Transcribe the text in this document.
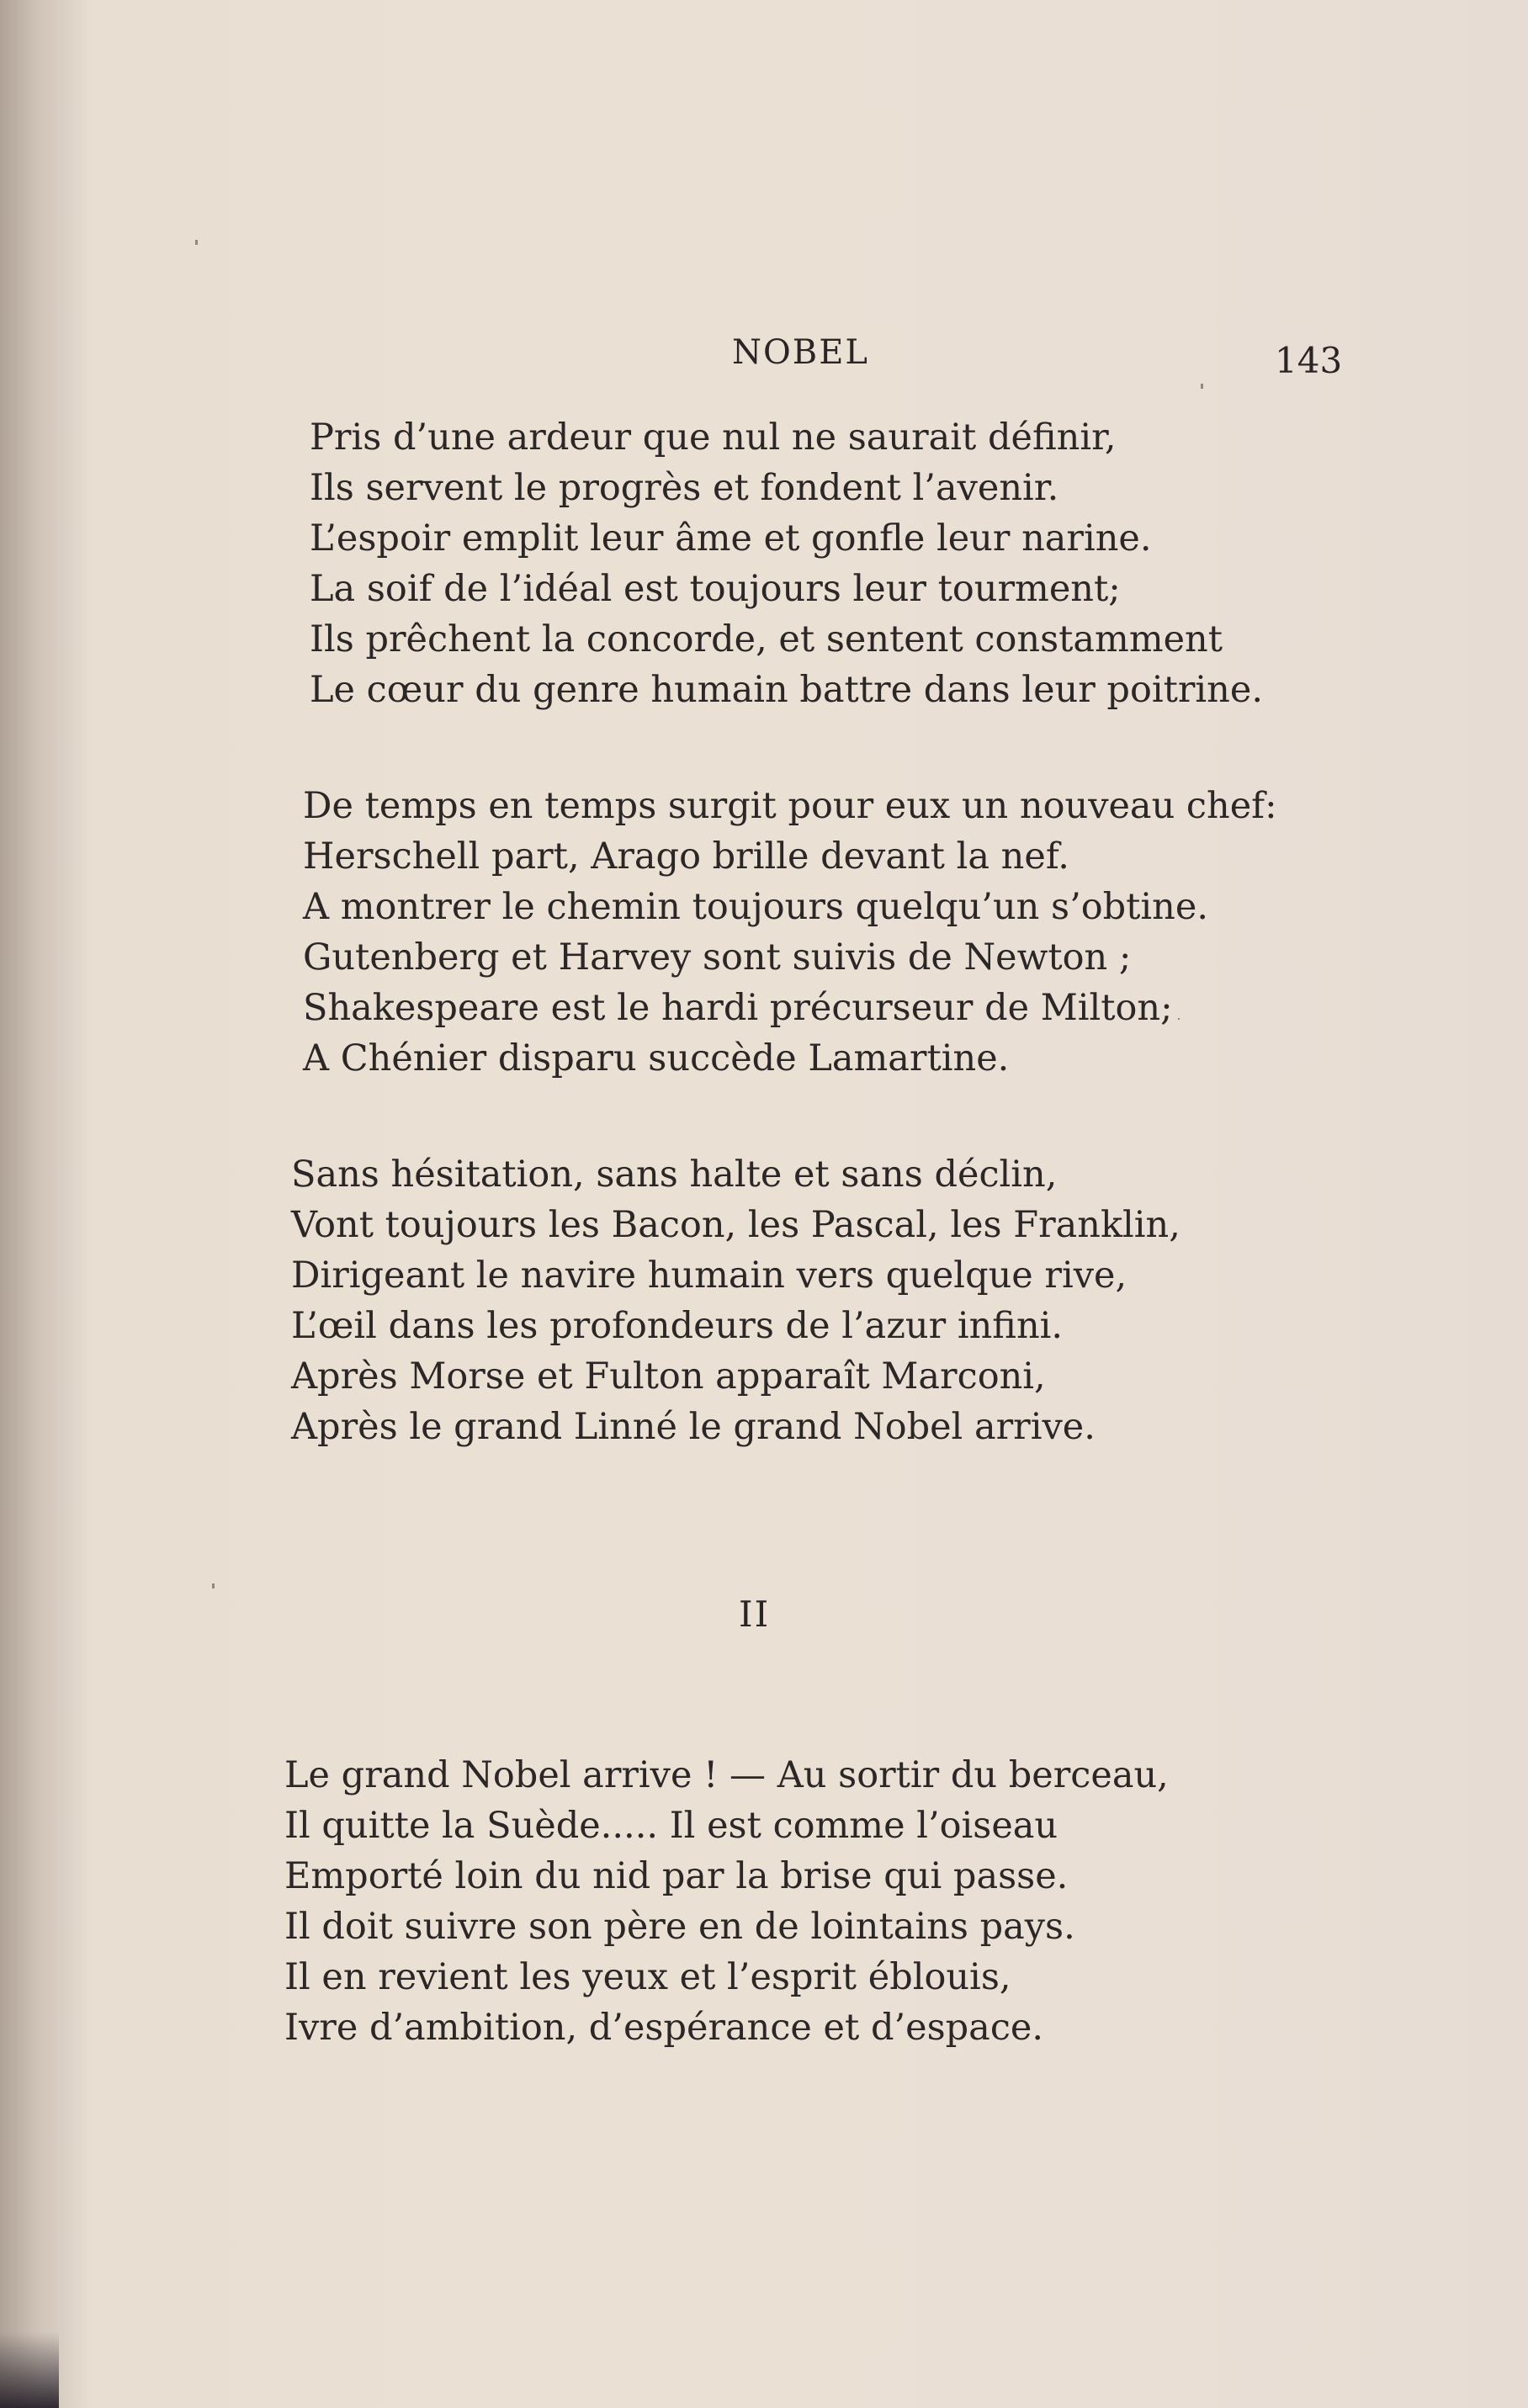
NOBEL	143
Pris d’une ardeur que nul ne saurait définir,
Ils servent le progrès et fondent l’avenir.
L’espoir emplit leur âme et gonfle leur narine.
La soif de l’idéal est toujours leur tourment;
Ils prêchent la concorde, et sentent constamment
Le cœur du genre humain battre dans leur poitrine.
De temps en temps surgit pour eux un nouveau chef:
Herschell part, Arago brille devant la nef.
A montrer le chemin toujours quelqu’un s’obtine.
Gutenberg et Harvey sont suivis de Newton ;
Shakespeare est le hardi précurseur de Milton;
A Chénier disparu succède Lamartine.
Sans hésitation, sans halte et sans déclin,
Vont toujours les Bacon, les Pascal, les Franklin,
Dirigeant le navire humain vers quelque rive,
L’œil dans les profondeurs de l’azur infini.
Après Morse et Fulton apparaît Marconi,
Après le grand Linné le grand Nobel arrive.
II
Le grand Nobel arrive ! — Au sortir du berceau,
Il quitte la Suède..... Il est comme l’oiseau
Emporté loin du nid par la brise qui passe.
Il doit suivre son père en de lointains pays.
Il en revient les yeux et l’esprit éblouis,
Ivre d’ambition, d’espérance et d’espace.
